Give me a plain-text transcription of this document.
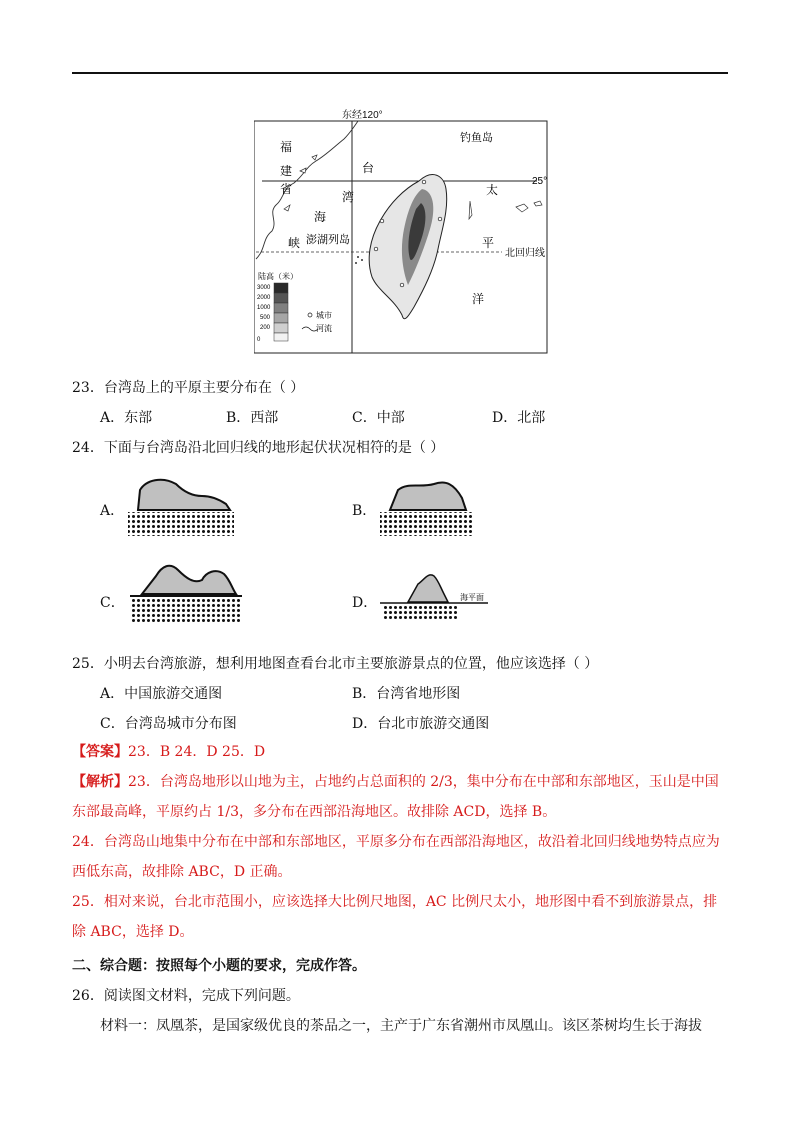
东经120°
25°
北回归线
福
建
省
台
湾
海
峡 澎湖列岛
钓鱼岛
太
平
洋
陆高（米）
3000
2000
1000
500
200
0
城市
河流
23．台湾岛上的平原主要分布在（ ）
A．东部	B．西部	C．中部	D．北部
24．下面与台湾岛沿北回归线的地形起伏状况相符的是（ ）
A．	B．
C．	D．	海平面
25．小明去台湾旅游，想利用地图查看台北市主要旅游景点的位置，他应该选择（ ）
A．中国旅游交通图	B．台湾省地形图
C．台湾岛城市分布图	D．台北市旅游交通图
【答案】23．B 24．D 25．D
【解析】23．台湾岛地形以山地为主，占地约占总面积的 2/3，集中分布在中部和东部地区，玉山是中国
东部最高峰，平原约占 1/3，多分布在西部沿海地区。故排除 ACD，选择 B。
24．台湾岛山地集中分布在中部和东部地区，平原多分布在西部沿海地区，故沿着北回归线地势特点应为
西低东高，故排除 ABC，D 正确。
25．相对来说，台北市范围小，应该选择大比例尺地图，AC 比例尺太小，地形图中看不到旅游景点，排
除 ABC，选择 D。
二、综合题：按照每个小题的要求，完成作答。
26．阅读图文材料，完成下列问题。
材料一：凤凰茶，是国家级优良的茶品之一，主产于广东省潮州市凤凰山。该区茶树均生长于海拔
